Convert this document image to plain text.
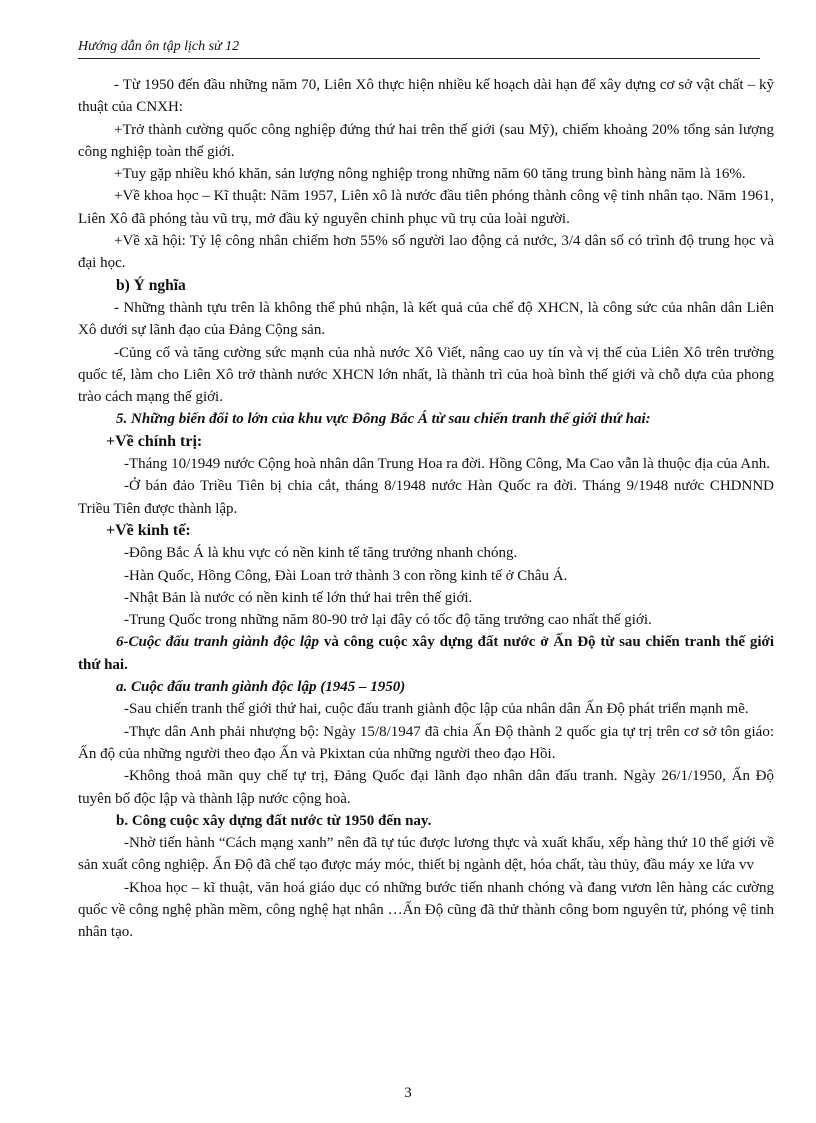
Hướng dẫn ôn tập lịch sử 12

- Từ 1950 đến đầu những năm 70, Liên Xô thực hiện nhiều kế hoạch dài hạn để xây dựng cơ sở vật chất – kỹ thuật của CNXH:

+Trở thành cường quốc công nghiệp đứng thứ hai trên thế giới (sau Mỹ), chiếm khoảng 20% tổng sản lượng công nghiệp toàn thế giới.

+Tuy gặp nhiều khó khăn, sản lượng nông nghiệp trong những năm 60 tăng trung bình hàng năm là 16%.

+Về khoa học – Kĩ thuật: Năm 1957, Liên xô là nước đầu tiên phóng thành công vệ tinh nhân tạo. Năm 1961, Liên Xô đã phóng tàu vũ trụ, mở đầu kỷ nguyên chinh phục vũ trụ của loài người.

+Về xã hội: Tỷ lệ công nhân chiếm hơn 55% số người lao động cả nước, 3/4 dân số có trình độ trung học và đại học.

b) Ý nghĩa

- Những thành tựu trên là không thể phủ nhận, là kết quả của chế độ XHCN, là công sức của nhân dân Liên Xô dưới sự lãnh đạo của Đảng Cộng sản.

-Củng cố và tăng cường sức mạnh của nhà nước Xô Viết, nâng cao uy tín và vị thế của Liên Xô trên trường quốc tế, làm cho Liên Xô trở thành nước XHCN lớn nhất, là thành trì của hoà bình thế giới và chỗ dựa của phong trào cách mạng thế giới.

5. Những biến đổi to lớn của khu vực Đông Bắc Á từ sau chiến tranh thế giới thứ hai:

+Về chính trị:

-Tháng 10/1949 nước Cộng hoà nhân dân Trung Hoa ra đời. Hồng Công, Ma Cao vẫn là thuộc địa của Anh.

-Ở bán đảo Triều Tiên bị chia cắt, tháng 8/1948 nước Hàn Quốc ra đời. Tháng 9/1948 nước CHDNND Triều Tiên được thành lập.

+Về kinh tế:

-Đông Bắc Á là khu vực có nền kinh tế tăng trưởng nhanh chóng.

-Hàn Quốc, Hồng Công, Đài Loan trở thành 3 con rồng kinh tế ở Châu Á.

-Nhật Bản là nước có nền kinh tế lớn thứ hai trên thế giới.

-Trung Quốc trong những năm 80-90 trở lại đây có tốc độ tăng trưởng cao nhất thế giới.

6-Cuộc đấu tranh giành độc lập và công cuộc xây dựng đất nước ở Ấn Độ từ sau chiến tranh thế giới thứ hai.

a. Cuộc đấu tranh giành độc lập (1945 – 1950)

-Sau chiến tranh thế giới thứ hai, cuộc đấu tranh giành độc lập của nhân dân Ấn Độ phát triển mạnh mẽ.

-Thực dân Anh phải nhượng bộ: Ngày 15/8/1947 đã chia Ấn Độ thành 2 quốc gia tự trị trên cơ sở tôn giáo: Ấn độ của những người theo đạo Ấn và Pkixtan của những người theo đạo Hồi.

-Không thoả mãn quy chế tự trị, Đảng Quốc đại lãnh đạo nhân dân đấu tranh. Ngày 26/1/1950, Ấn Độ tuyên bố độc lập và thành lập nước cộng hoà.

b. Công cuộc xây dựng đất nước từ 1950 đến nay.

-Nhờ tiến hành “Cách mạng xanh” nên đã tự túc được lương thực và xuất khẩu, xếp hàng thứ 10 thế giới về sản xuất công nghiệp. Ấn Độ đã chế tạo được máy móc, thiết bị ngành dệt, hóa chất, tàu thủy, đầu máy xe lửa vv

-Khoa học – kĩ thuật, văn hoá giáo dục có những bước tiến nhanh chóng và đang vươn lên hàng các cường quốc về công nghệ phần mềm, công nghệ hạt nhân …Ấn Độ cũng đã thử thành công bom nguyên tử, phóng vệ tinh nhân tạo.

3
